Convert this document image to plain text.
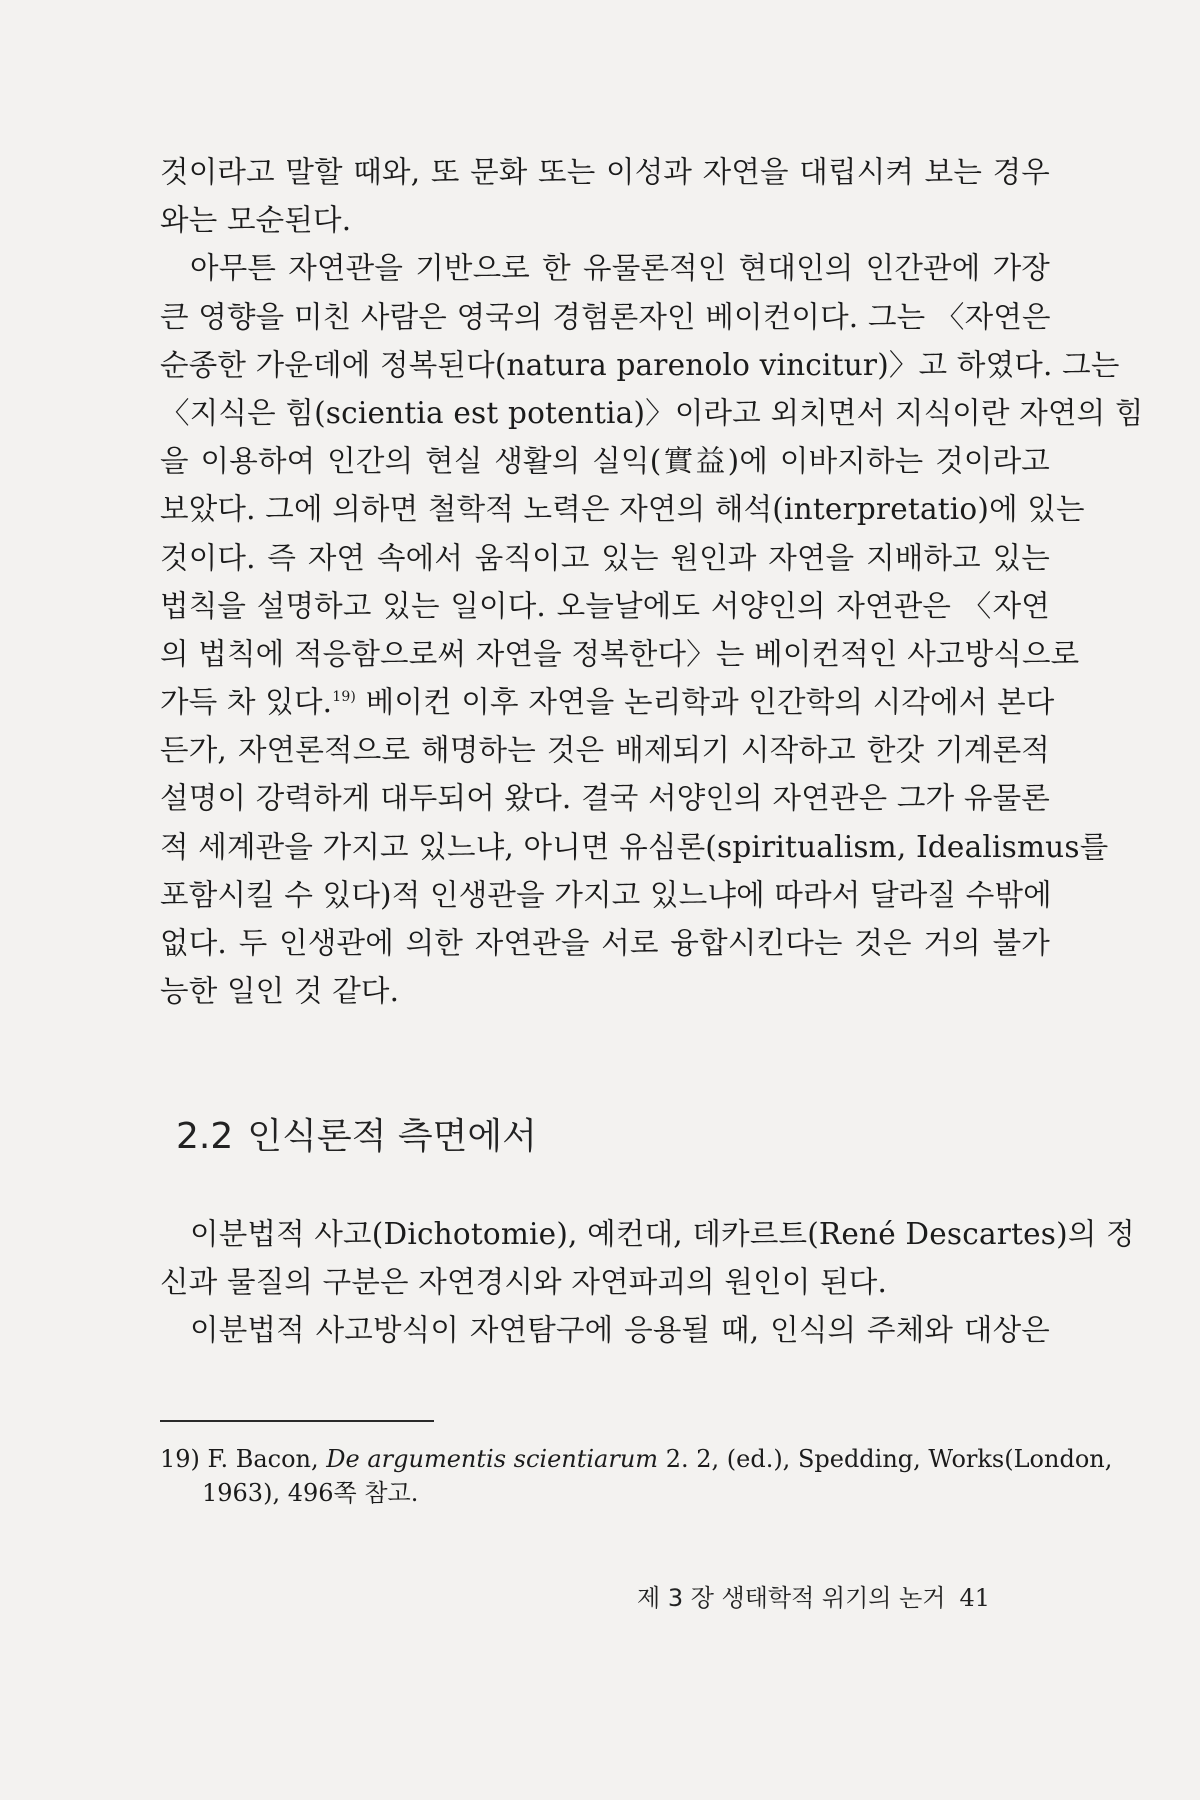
것이라고 말할 때와, 또 문화 또는 이성과 자연을 대립시켜 보는 경우
와는 모순된다.
아무튼 자연관을 기반으로 한 유물론적인 현대인의 인간관에 가장
큰 영향을 미친 사람은 영국의 경험론자인 베이컨이다. 그는 〈자연은
순종한 가운데에 정복된다(natura parenolo vincitur)〉고 하였다. 그는
〈지식은 힘(scientia est potentia)〉이라고 외치면서 지식이란 자연의 힘
을 이용하여 인간의 현실 생활의 실익(實益)에 이바지하는 것이라고
보았다. 그에 의하면 철학적 노력은 자연의 해석(interpretatio)에 있는
것이다. 즉 자연 속에서 움직이고 있는 원인과 자연을 지배하고 있는
법칙을 설명하고 있는 일이다. 오늘날에도 서양인의 자연관은 〈자연
의 법칙에 적응함으로써 자연을 정복한다〉는 베이컨적인 사고방식으로
가득 차 있다.$^{19)}$ 베이컨 이후 자연을 논리학과 인간학의 시각에서 본다
든가, 자연론적으로 해명하는 것은 배제되기 시작하고 한갓 기계론적
설명이 강력하게 대두되어 왔다. 결국 서양인의 자연관은 그가 유물론
적 세계관을 가지고 있느냐, 아니면 유심론(spiritualism, Idealismus를
포함시킬 수 있다)적 인생관을 가지고 있느냐에 따라서 달라질 수밖에
없다. 두 인생관에 의한 자연관을 서로 융합시킨다는 것은 거의 불가
능한 일인 것 같다.
2.2 인식론적 측면에서
이분법적 사고(Dichotomie), 예컨대, 데카르트(René Descartes)의 정
신과 물질의 구분은 자연경시와 자연파괴의 원인이 된다.
이분법적 사고방식이 자연탐구에 응용될 때, 인식의 주체와 대상은
19) F. Bacon, De argumentis scientiarum 2. 2, (ed.), Spedding, Works(London,
1963), 496쪽 참고.
제 3 장 생태학적 위기의 논거 41
